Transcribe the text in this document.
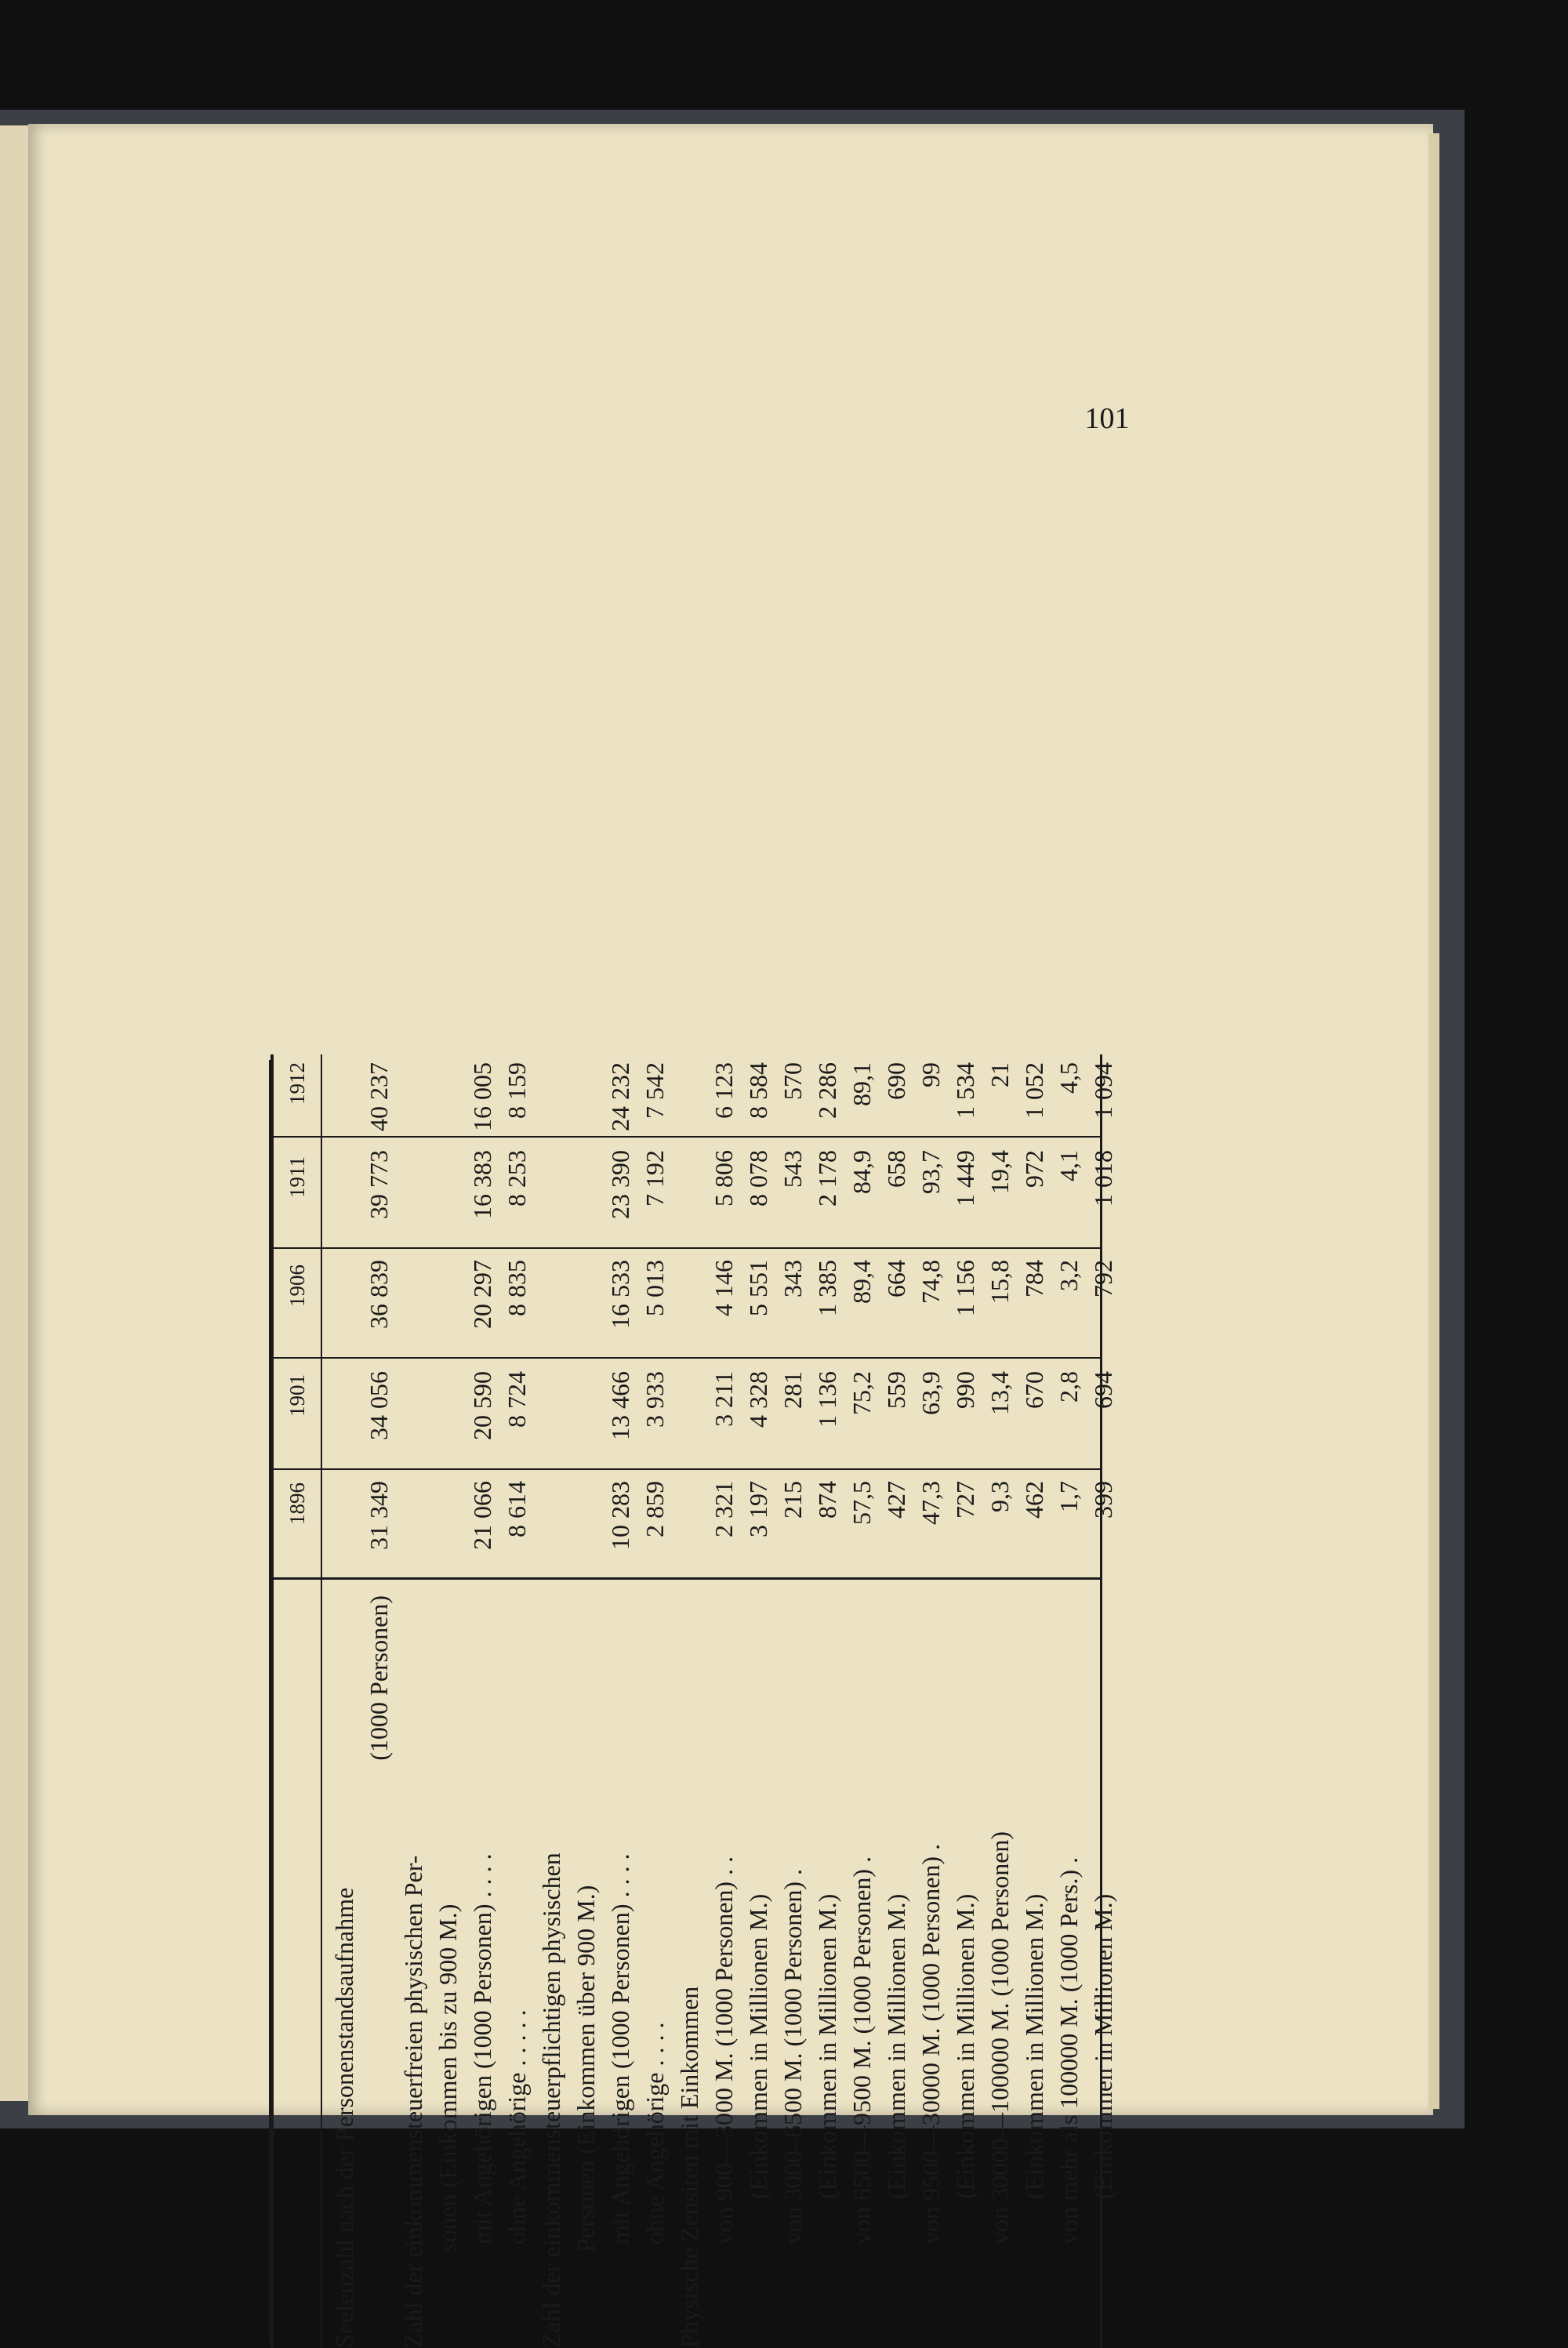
101
1896
1901
1906
1911
1912
Seelenzahl nach der Personenstandsaufnahme
(1000 Personen)
31 349
34 056
36 839
39 773
40 237
Zahl der einkommensteuerfreien physischen Per- sonen (Einkommen bis zu 900 M.) mit Angehörigen (1000 Personen) . . . .
21 066
20 590
20 297
16 383
16 005
ohne Angehörige . . . . .
8 614
8 724
8 835
8 253
8 159
Zahl der einkommensteuerpflichtigen physischen Personen (Einkommen über 900 M.) mit Angehörigen (1000 Personen) . . . .
10 283
13 466
16 533
23 390
24 232
ohne Angehörige . . . .
2 859
3 933
5 013
7 192
7 542
Physische Zensiten mit Einkommen von 900—3000 M. (1000 Personen) . .
2 321
3 211
4 146
5 806
6 123
(Einkommen in Millionen M.)
3 197
4 328
5 551
8 078
8 584
von 3000–6500 M. (1000 Personen) .
215
281
343
543
570
(Einkommen in Millionen M.)
874
1 136
1 385
2 178
2 286
von 6500—9500 M. (1000 Personen) .
57,5
75,2
89,4
84,9
89,1
(Einkommen in Millionen M.)
427
559
664
658
690
von 9500—30000 M. (1000 Personen) .
47,3
63,9
74,8
93,7
99
(Einkommen in Millionen M.)
727
990
1 156
1 449
1 534
von 30000—100000 M. (1000 Personen)
9,3
13,4
15,8
19,4
21
(Einkommen in Millionen M.)
462
670
784
972
1 052
von mehr als 100000 M. (1000 Pers.) .
1,7
2,8
3,2
4,1
4,5
(Einkommen in Millionen M.)
399
694
792
1 018
1 094
